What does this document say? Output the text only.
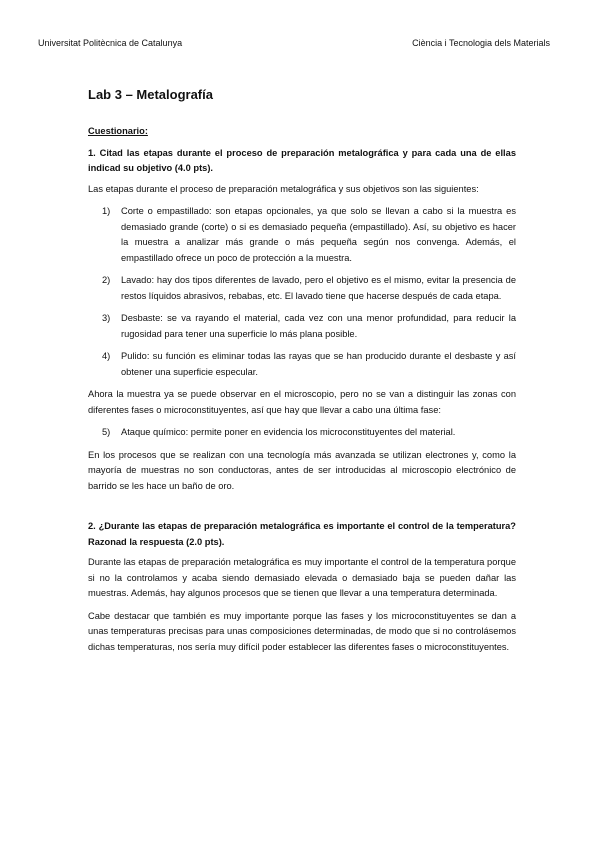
Universitat Politècnica de Catalunya	Ciència i Tecnologia dels Materials
Lab 3 – Metalografía
Cuestionario:
1. Citad las etapas durante el proceso de preparación metalográfica y para cada una de ellas indicad su objetivo (4.0 pts).
Las etapas durante el proceso de preparación metalográfica y sus objetivos son las siguientes:
1)	Corte o empastillado: son etapas opcionales, ya que solo se llevan a cabo si la muestra es demasiado grande (corte) o si es demasiado pequeña (empastillado). Así, su objetivo es hacer la muestra a analizar más grande o más pequeña según nos convenga. Además, el empastillado ofrece un poco de protección a la muestra.
2)	Lavado: hay dos tipos diferentes de lavado, pero el objetivo es el mismo, evitar la presencia de restos líquidos abrasivos, rebabas, etc. El lavado tiene que hacerse después de cada etapa.
3)	Desbaste: se va rayando el material, cada vez con una menor profundidad, para reducir la rugosidad para tener una superficie lo más plana posible.
4)	Pulido: su función es eliminar todas las rayas que se han producido durante el desbaste y así obtener una superficie especular.
Ahora la muestra ya se puede observar en el microscopio, pero no se van a distinguir las zonas con diferentes fases o microconstituyentes, así que hay que llevar a cabo una última fase:
5)	Ataque químico: permite poner en evidencia los microconstituyentes del material.
En los procesos que se realizan con una tecnología más avanzada se utilizan electrones y, como la mayoría de muestras no son conductoras, antes de ser introducidas al microscopio electrónico de barrido se les hace un baño de oro.
2. ¿Durante las etapas de preparación metalográfica es importante el control de la temperatura? Razonad la respuesta (2.0 pts).
Durante las etapas de preparación metalográfica es muy importante el control de la temperatura porque si no la controlamos y acaba siendo demasiado elevada o demasiado baja se pueden dañar las muestras. Además, hay algunos procesos que se tienen que llevar a una temperatura determinada.
Cabe destacar que también es muy importante porque las fases y los microconstituyentes se dan a unas temperaturas precisas para unas composiciones determinadas, de modo que si no controlásemos dichas temperaturas, nos sería muy difícil poder establecer las diferentes fases o microconstituyentes.
